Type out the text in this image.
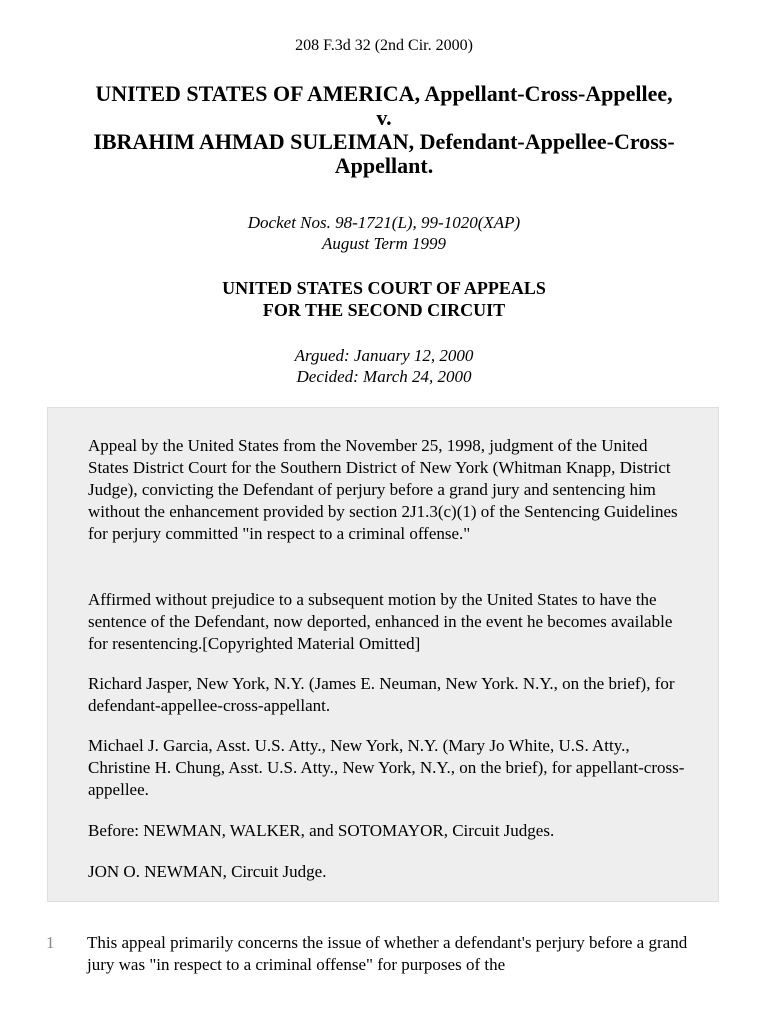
208 F.3d 32 (2nd Cir. 2000)
UNITED STATES OF AMERICA, Appellant-Cross-Appellee,
v.
IBRAHIM AHMAD SULEIMAN, Defendant-Appellee-Cross-
Appellant.
Docket Nos. 98-1721(L), 99-1020(XAP)
August Term 1999
UNITED STATES COURT OF APPEALS
FOR THE SECOND CIRCUIT
Argued: January 12, 2000
Decided: March 24, 2000

Appeal by the United States from the November 25, 1998, judgment of the United States District Court for the Southern District of New York (Whitman Knapp, District Judge), convicting the Defendant of perjury before a grand jury and sentencing him without the enhancement provided by section 2J1.3(c)(1) of the Sentencing Guidelines for perjury committed "in respect to a criminal offense."

Affirmed without prejudice to a subsequent motion by the United States to have the sentence of the Defendant, now deported, enhanced in the event he becomes available for resentencing.[Copyrighted Material Omitted]

Richard Jasper, New York, N.Y. (James E. Neuman, New York. N.Y., on the brief), for defendant-appellee-cross-appellant.

Michael J. Garcia, Asst. U.S. Atty., New York, N.Y. (Mary Jo White, U.S. Atty., Christine H. Chung, Asst. U.S. Atty., New York, N.Y., on the brief), for appellant-cross-appellee.

Before: NEWMAN, WALKER, and SOTOMAYOR, Circuit Judges.

JON O. NEWMAN, Circuit Judge.

1 This appeal primarily concerns the issue of whether a defendant's perjury before a grand jury was "in respect to a criminal offense" for purposes of the
